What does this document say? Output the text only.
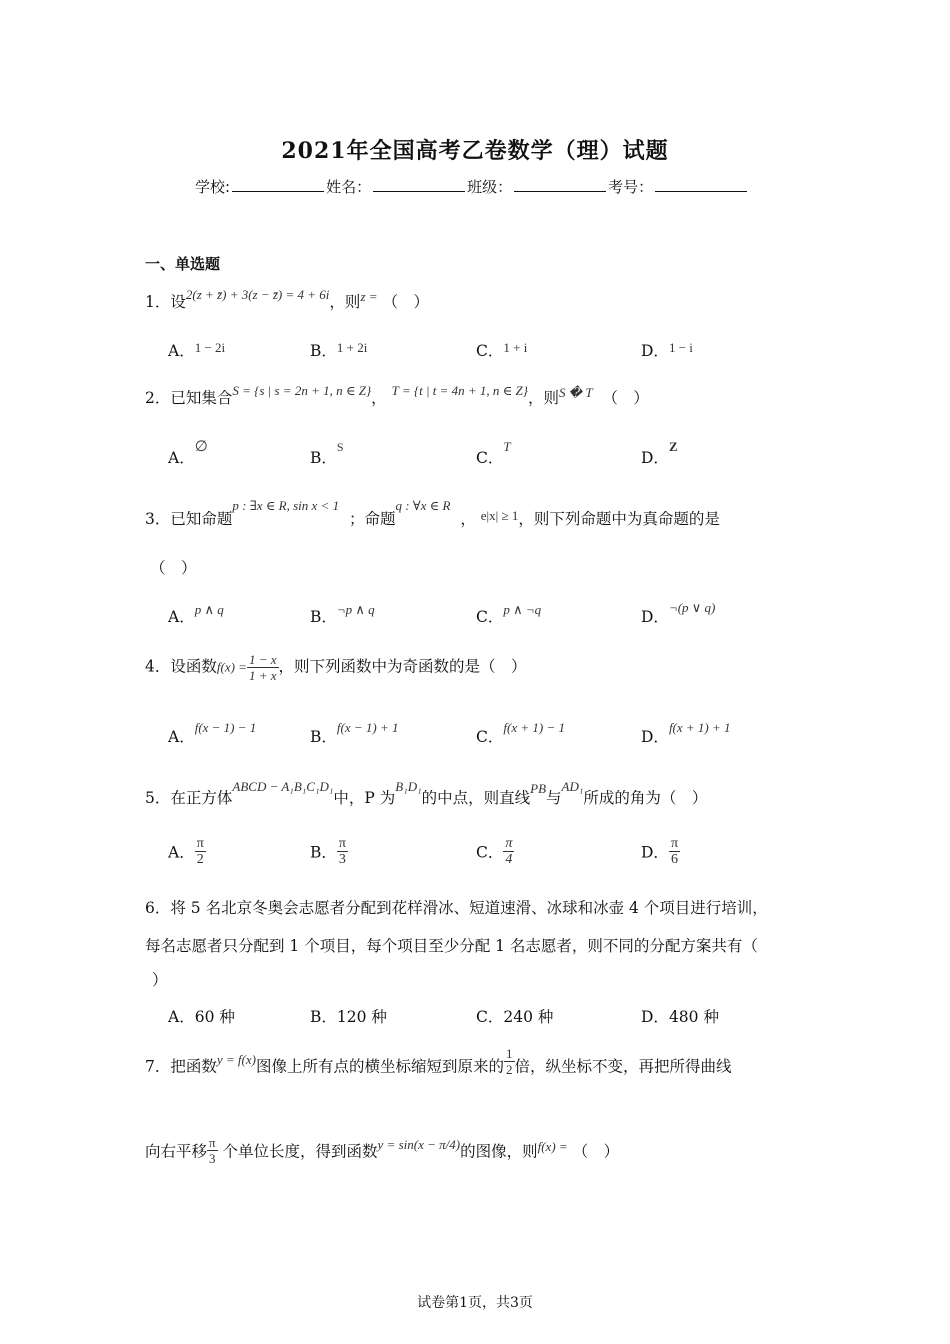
2021年全国高考乙卷数学（理）试题
学校:	姓名：	班级：	考号：
一、单选题
1．设$^{2(z + z̄) + 3(z - z̄) = 4 + 6i}$，则$^{z =}$ （　）
A．$^{1 - 2i}$	B．$^{1 + 2i}$	C．$^{1 + i}$	D．$^{1 - i}$
2．已知集合$^{S = \{s | s = 2n + 1, n \in Z\}}$， $^{T = \{t | t = 4n + 1, n \in Z\}}$，则$^{S � T}$ （　）
A．∅
B．$^S$
C．$^T$
D．$^Z$
3．已知命题$^{p : \exists x \in R, sin x < 1}$  ；命题$^{q : \forall x \in R}$  ， $^{e|x| \ge 1}$，则下列命题中为真命题的是
（　）
A．$^{p \wedge q}$	B．$^{\neg p \wedge q}$	C．$^{p \wedge \neg q}$	D．$^{\neg(p \vee q)}$
4．设函数$f(x) = \frac{1 - x}{1 + x}$ ，则下列函数中为奇函数的是（　）
A．$^{f(x - 1) - 1}$
B．$^{f(x - 1) + 1}$
C．$^{f(x + 1) - 1}$
D．$^{f(x + 1) + 1}$
5．在正方体$^{ABCD - A_1B_1C_1D_1}$中，P 为$^{B_1D_1}$的中点，则直线$^{PB}$与$^{AD_1}$所成的角为（　）
A． $\frac{\pi}{2}$	B． $\frac{\pi}{3}$	C． $\frac{\pi}{4}$	D． $\frac{\pi}{6}$
6．将 5 名北京冬奥会志愿者分配到花样滑冰、短道速滑、冰球和冰壶 4 个项目进行培训，
每名志愿者只分配到 1 个项目，每个项目至少分配 1 名志愿者，则不同的分配方案共有（
）
A．60 种	B．120 种	C．240 种	D．480 种
7．把函数$^{y = f(x)}$图像上所有点的横坐标缩短到原来的 $\frac{1}{2}$ 倍，纵坐标不变，再把所得曲线
向右平移 $\frac{\pi}{3}$ 个单位长度，得到函数$^{y = sin(x - \pi/4)}$的图像，则$^{f(x) =}$ （　）
试卷第1页，共3页
